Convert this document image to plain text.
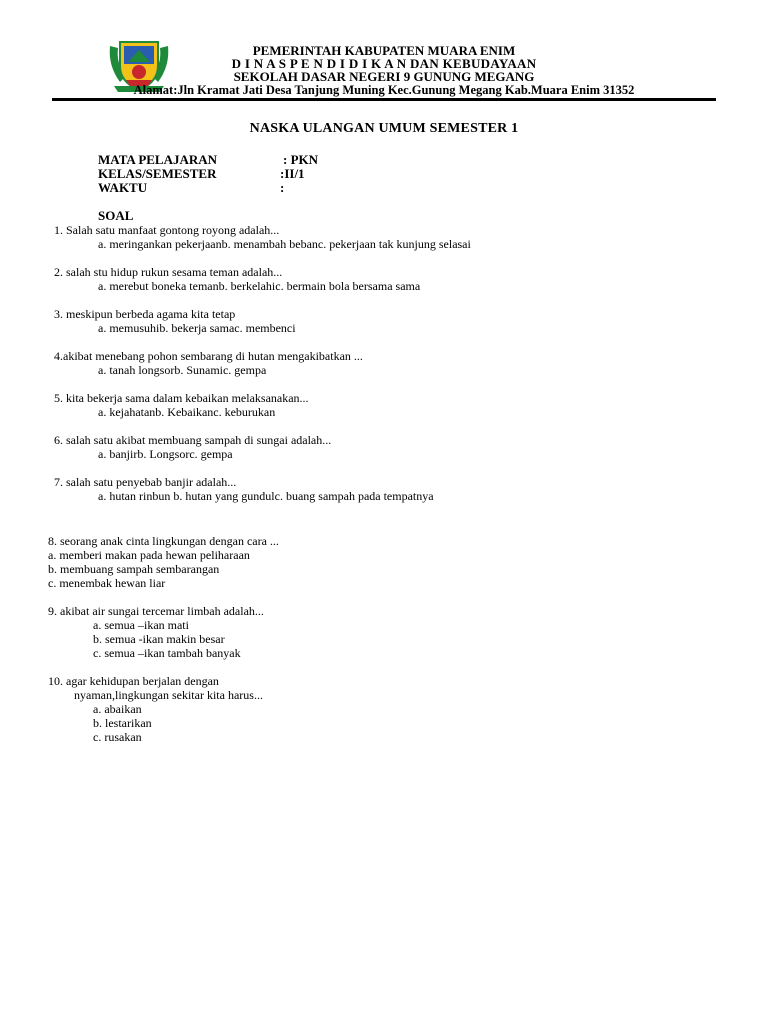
PEMERINTAH KABUPATEN MUARA ENIM
D I N A S P E N D I D I K A N DAN KEBUDAYAAN
SEKOLAH DASAR NEGERI 9 GUNUNG MEGANG
Alamat:Jln Kramat Jati Desa Tanjung Muning Kec.Gunung Megang Kab.Muara Enim 31352
NASKA ULANGAN UMUM SEMESTER 1
MATA PELAJARAN	: PKN
KELAS/SEMESTER	:II/1
WAKTU	:
SOAL
1. Salah satu manfaat gontong royong adalah...
a. meringankan pekerjaanb. menambah bebanc. pekerjaan tak kunjung selasai
2. salah stu hidup rukun sesama teman adalah...
a. merebut boneka temanb. berkelahic. bermain bola bersama sama
3. meskipun berbeda agama kita tetap
a. memusuhib. bekerja samac. membenci
4.akibat menebang pohon sembarang di hutan mengakibatkan ...
a. tanah longsorb. Sunamic. gempa
5. kita bekerja sama dalam kebaikan melaksanakan...
a. kejahatanb. Kebaikanc. keburukan
6. salah satu akibat membuang sampah di sungai adalah...
a. banjirb. Longsorc. gempa
7. salah satu penyebab banjir adalah...
a. hutan rinbun b. hutan yang gundulc. buang sampah pada tempatnya
8. seorang anak cinta lingkungan dengan cara ...
a. memberi makan pada hewan peliharaan
b. membuang sampah sembarangan
c. menembak hewan liar
9. akibat air sungai tercemar limbah adalah...
a. semua –ikan mati
b. semua -ikan makin besar
c. semua –ikan tambah banyak
10. agar kehidupan berjalan dengan
nyaman,lingkungan sekitar kita harus...
a. abaikan
b. lestarikan
c. rusakan
